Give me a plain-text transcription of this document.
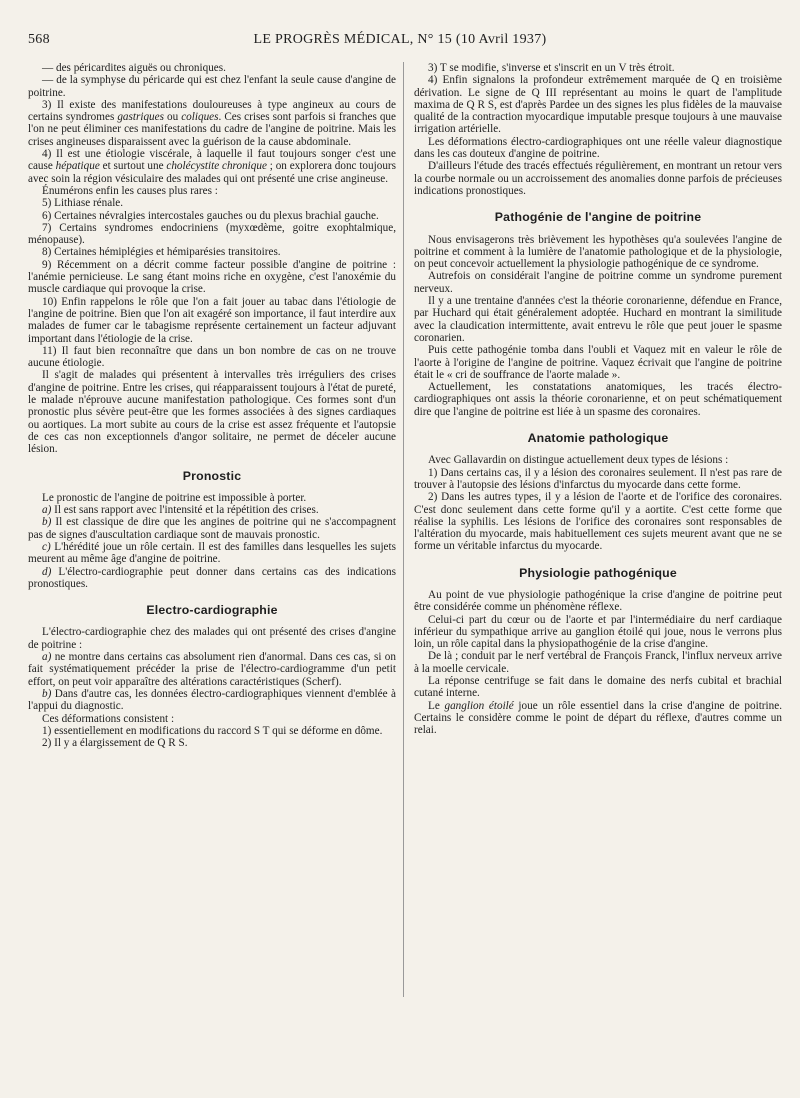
568	LE PROGRÈS MÉDICAL, N° 15 (10 Avril 1937)

— des péricardites aiguës ou chroniques.

— de la symphyse du péricarde qui est chez l'enfant la seule cause d'angine de poitrine.

3) Il existe des manifestations douloureuses à type angineux au cours de certains syndromes gastriques ou coliques. Ces crises sont parfois si franches que l'on ne peut éliminer ces manifestations du cadre de l'angine de poitrine. Mais les crises angineuses disparaissent avec la guérison de la cause abdominale.

4) Il est une étiologie viscérale, à laquelle il faut toujours songer c'est une cause hépatique et surtout une cholécystite chronique ; on explorera donc toujours avec soin la région vésiculaire des malades qui ont présenté une crise angineuse.

Énumérons enfin les causes plus rares :

5) Lithiase rénale.

6) Certaines névralgies intercostales gauches ou du plexus brachial gauche.

7) Certains syndromes endocriniens (myxœdème, goitre exophtalmique, ménopause).

8) Certaines hémiplégies et hémiparésies transitoires.

9) Récemment on a décrit comme facteur possible d'angine de poitrine : l'anémie pernicieuse. Le sang étant moins riche en oxygène, c'est l'anoxémie du muscle cardiaque qui provoque la crise.

10) Enfin rappelons le rôle que l'on a fait jouer au tabac dans l'étiologie de l'angine de poitrine. Bien que l'on ait exagéré son importance, il faut interdire aux malades de fumer car le tabagisme représente certainement un facteur adjuvant important dans l'étiologie de la crise.

11) Il faut bien reconnaître que dans un bon nombre de cas on ne trouve aucune étiologie.

Il s'agit de malades qui présentent à intervalles très irréguliers des crises d'angine de poitrine. Entre les crises, qui réapparaissent toujours à l'état de pureté, le malade n'éprouve aucune manifestation pathologique. Ces formes sont d'un pronostic plus sévère peut-être que les formes associées à des signes cardiaques ou aortiques. La mort subite au cours de la crise est assez fréquente et l'autopsie de ces cas non exceptionnels d'angor solitaire, ne permet de déceler aucune lésion.

Pronostic

Le pronostic de l'angine de poitrine est impossible à porter.

a) Il est sans rapport avec l'intensité et la répétition des crises.

b) Il est classique de dire que les angines de poitrine qui ne s'accompagnent pas de signes d'auscultation cardiaque sont de mauvais pronostic.

c) L'hérédité joue un rôle certain. Il est des familles dans lesquelles les sujets meurent au même âge d'angine de poitrine.

d) L'électro-cardiographie peut donner dans certains cas des indications pronostiques.

Electro-cardiographie

L'électro-cardiographie chez des malades qui ont présenté des crises d'angine de poitrine :

a) ne montre dans certains cas absolument rien d'anormal. Dans ces cas, si on fait systématiquement précéder la prise de l'électro-cardiogramme d'un petit effort, on peut voir apparaître des altérations caractéristiques (Scherf).

b) Dans d'autre cas, les données électro-cardiographiques viennent d'emblée à l'appui du diagnostic.

Ces déformations consistent :

1) essentiellement en modifications du raccord S T qui se déforme en dôme.

2) Il y a élargissement de Q R S.

3) T se modifie, s'inverse et s'inscrit en un V très étroit.

4) Enfin signalons la profondeur extrêmement marquée de Q en troisième dérivation. Le signe de Q III représentant au moins le quart de l'amplitude maxima de Q R S, est d'après Pardee un des signes les plus fidèles de la mauvaise qualité de la contraction myocardique imputable presque toujours à une mauvaise irrigation artérielle.

Les déformations électro-cardiographiques ont une réelle valeur diagnostique dans les cas douteux d'angine de poitrine.

D'ailleurs l'étude des tracés effectués régulièrement, en montrant un retour vers la courbe normale ou un accroissement des anomalies donne parfois de précieuses indications pronostiques.

Pathogénie de l'angine de poitrine

Nous envisagerons très brièvement les hypothèses qu'a soulevées l'angine de poitrine et comment à la lumière de l'anatomie pathologique et de la physiologie, on peut concevoir actuellement la physiologie pathogénique de ce syndrome.

Autrefois on considérait l'angine de poitrine comme un syndrome purement nerveux.

Il y a une trentaine d'années c'est la théorie coronarienne, défendue en France, par Huchard qui était généralement adoptée. Huchard en montrant la similitude avec la claudication intermittente, avait entrevu le rôle que peut jouer le spasme coronarien.

Puis cette pathogénie tomba dans l'oubli et Vaquez mit en valeur le rôle de l'aorte à l'origine de l'angine de poitrine. Vaquez écrivait que l'angine de poitrine était le « cri de souffrance de l'aorte malade ».

Actuellement, les constatations anatomiques, les tracés électro-cardiographiques ont assis la théorie coronarienne, et on peut schématiquement dire que l'angine de poitrine est liée à un spasme des coronaires.

Anatomie pathologique

Avec Gallavardin on distingue actuellement deux types de lésions :

1) Dans certains cas, il y a lésion des coronaires seulement. Il n'est pas rare de trouver à l'autopsie des lésions d'infarctus du myocarde dans cette forme.

2) Dans les autres types, il y a lésion de l'aorte et de l'orifice des coronaires. C'est donc seulement dans cette forme qu'il y a aortite. C'est cette forme que réalise la syphilis. Les lésions de l'orifice des coronaires sont responsables de l'altération du myocarde, mais habituellement ces sujets meurent avant que ne se forme un véritable infarctus du myocarde.

Physiologie pathogénique

Au point de vue physiologie pathogénique la crise d'angine de poitrine peut être considérée comme un phénomène réflexe.

Celui-ci part du cœur ou de l'aorte et par l'intermédiaire du nerf cardiaque inférieur du sympathique arrive au ganglion étoilé qui joue, nous le verrons plus loin, un rôle capital dans la physiopathogénie de la crise d'angine.

De là ; conduit par le nerf vertébral de François Franck, l'influx nerveux arrive à la moelle cervicale.

La réponse centrifuge se fait dans le domaine des nerfs cubital et brachial cutané interne.

Le ganglion étoilé joue un rôle essentiel dans la crise d'angine de poitrine. Certains le considère comme le point de départ du réflexe, d'autres comme un relai.
